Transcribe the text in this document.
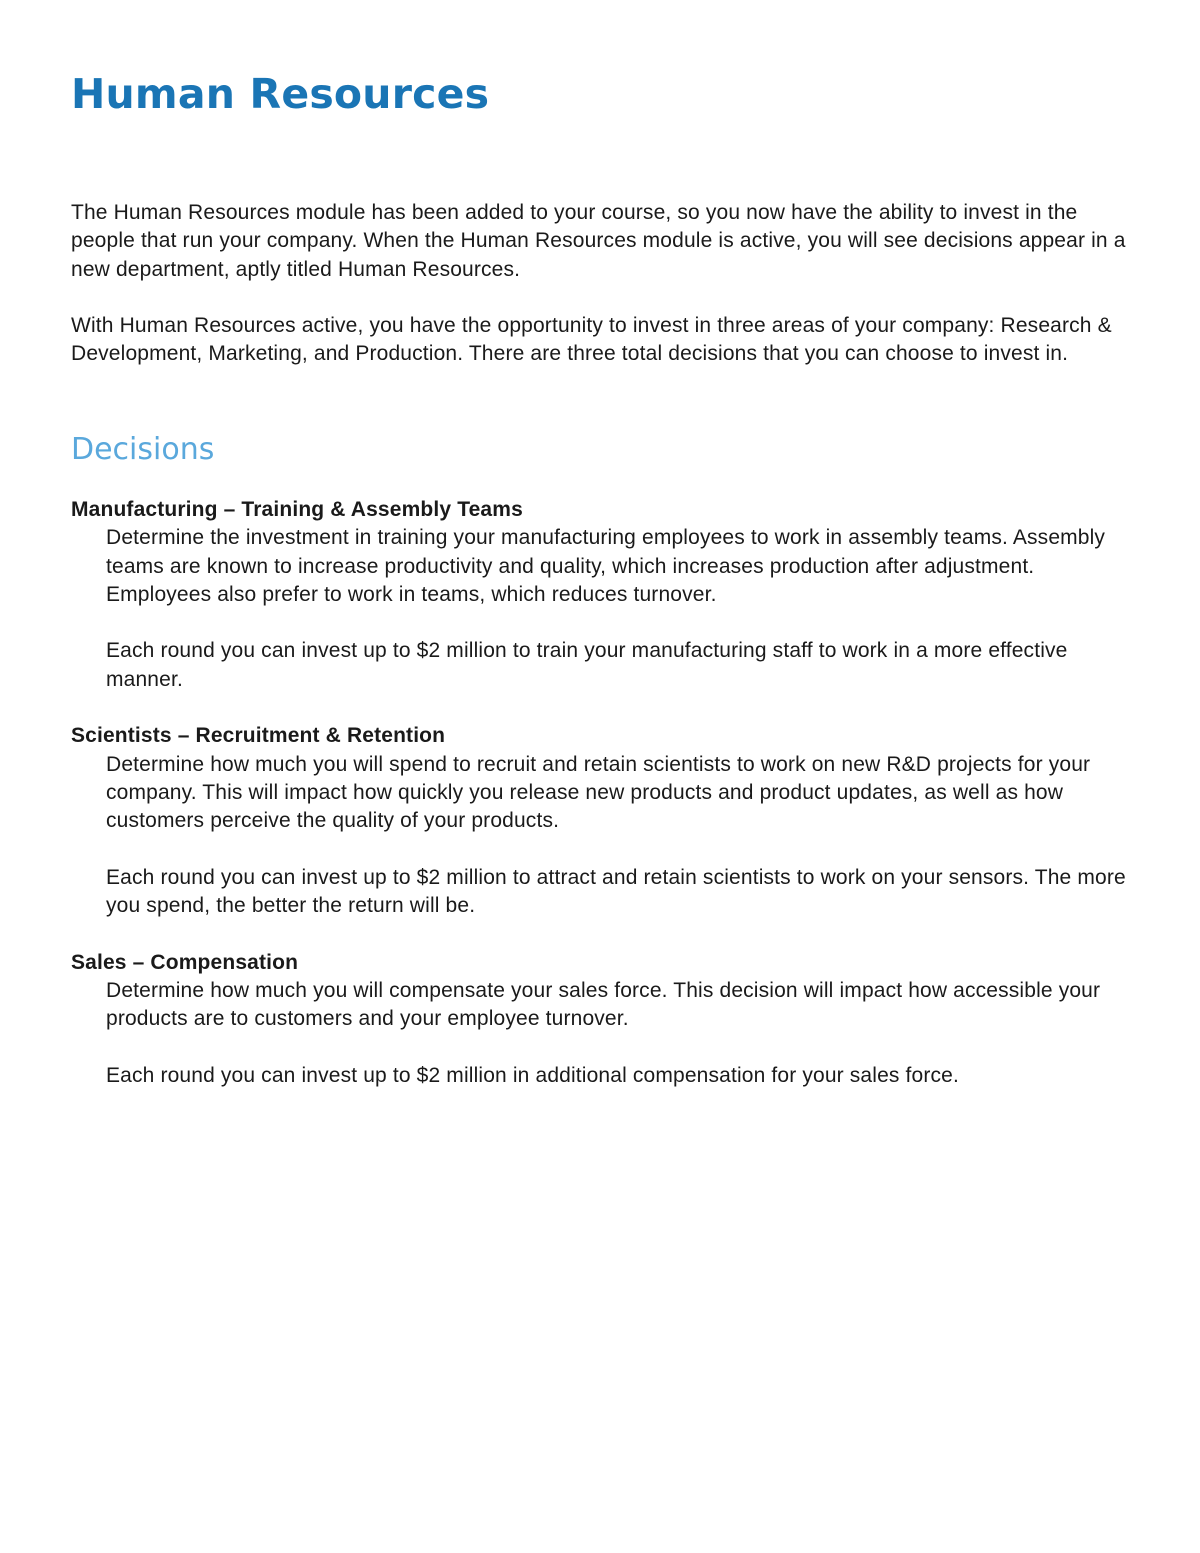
Human Resources

The Human Resources module has been added to your course, so you now have the ability to invest in the people that run your company. When the Human Resources module is active, you will see decisions appear in a new department, aptly titled Human Resources.

With Human Resources active, you have the opportunity to invest in three areas of your company: Research & Development, Marketing, and Production. There are three total decisions that you can choose to invest in.

Decisions
Manufacturing – Training & Assembly Teams

Determine the investment in training your manufacturing employees to work in assembly teams. Assembly teams are known to increase productivity and quality, which increases production after adjustment. Employees also prefer to work in teams, which reduces turnover.

Each round you can invest up to $2 million to train your manufacturing staff to work in a more effective manner.

Scientists – Recruitment & Retention

Determine how much you will spend to recruit and retain scientists to work on new R&D projects for your company. This will impact how quickly you release new products and product updates, as well as how customers perceive the quality of your products.

Each round you can invest up to $2 million to attract and retain scientists to work on your sensors. The more you spend, the better the return will be.

Sales – Compensation

Determine how much you will compensate your sales force. This decision will impact how accessible your products are to customers and your employee turnover.

Each round you can invest up to $2 million in additional compensation for your sales force.
